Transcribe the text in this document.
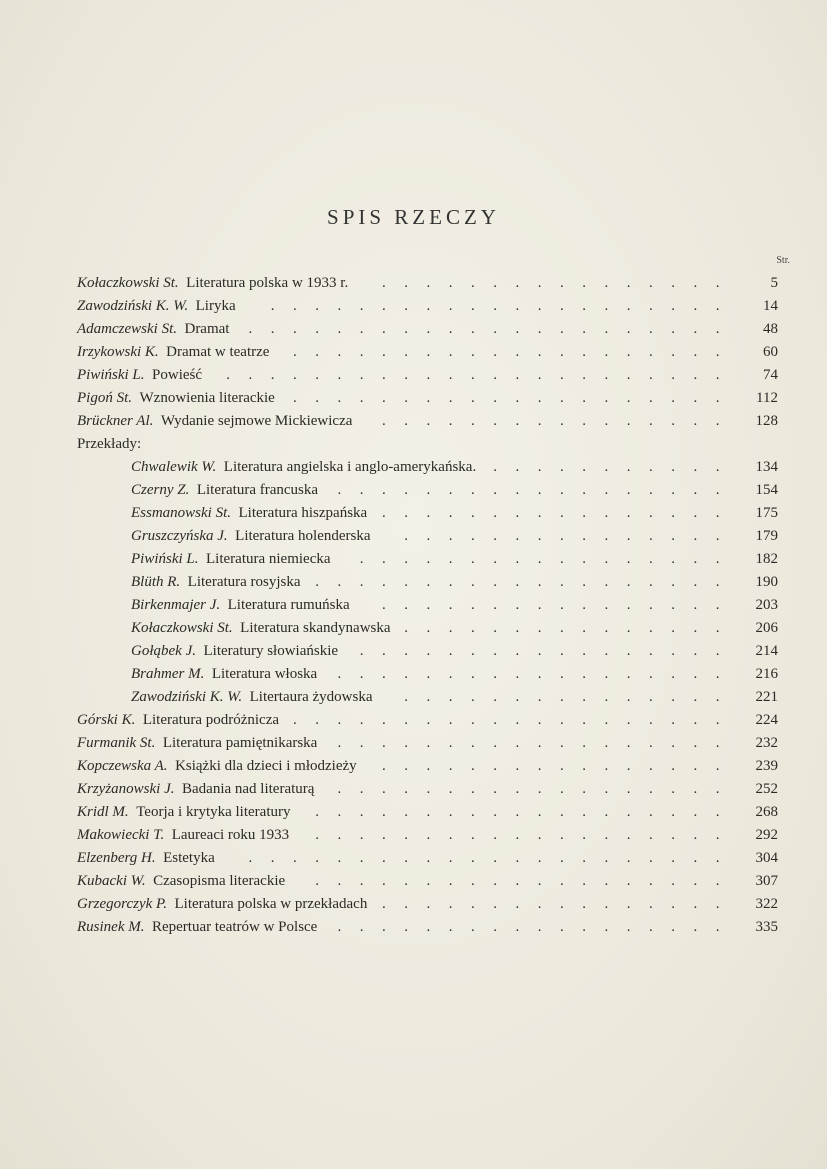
SPIS RZECZY
Str.
Kołaczkowski St. Literatura polska w 1933 r.	5
................
Zawodziński K. W. Liryka	14
.....................
Adamczewski St. Dramat	48
......................
Irzykowski K. Dramat w teatrze	60
....................
Piwiński L. Powieść	74
.......................
Pigoń St. Wznowienia literackie	112
....................
Brückner Al. Wydanie sejmowe Mickiewicza	128
................
Przekłady:
Chwalewik W. Literatura angielska i anglo-amerykańska.	134
...........
Czerny Z. Literatura francuska	154
..................
Essmanowski St. Literatura hiszpańska	175
................
Gruszczyńska J. Literatura holenderska	179
...............
Piwiński L. Literatura niemiecka	182
.................
Blüth R. Literatura rosyjska	190
...................
Birkenmajer J. Literatura rumuńska	203
................
Kołaczkowski St. Literatura skandynawska	206
...............
Gołąbek J. Literatury słowiańskie	214
.................
Brahmer M. Literatura włoska	216
..................
Zawodziński K. W. Litertaura żydowska	221
...............
Górski K. Literatura podróżnicza	224
....................
Furmanik St. Literatura pamiętnikarska	232
..................
Kopczewska A. Książki dla dzieci i młodzieży	239
................
Krzyżanowski J. Badania nad literaturą	252
..................
Kridl M. Teorja i krytyka literatury	268
...................
Makowiecki T. Laureaci roku 1933	292
...................
Elzenberg H. Estetyka	304
......................
Kubacki W. Czasopisma literackie	307
...................
Grzegorczyk P. Literatura polska w przekładach	322
................
Rusinek M. Repertuar teatrów w Polsce	335
..................
